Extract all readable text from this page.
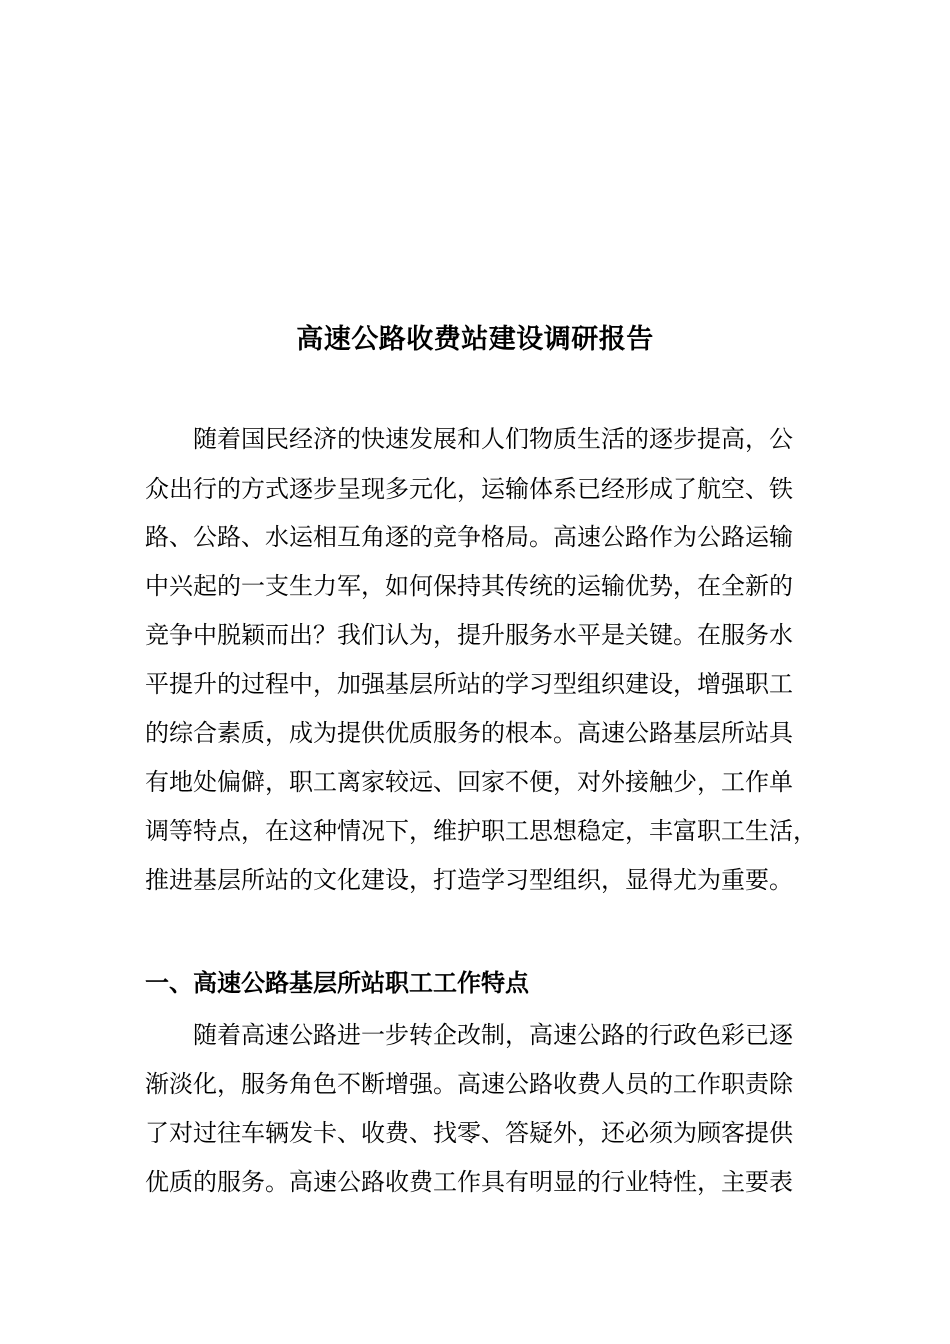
高速公路收费站建设调研报告

随着国民经济的快速发展和人们物质生活的逐步提高，公

众出行的方式逐步呈现多元化，运输体系已经形成了航空、铁

路、公路、水运相互角逐的竞争格局。高速公路作为公路运输

中兴起的一支生力军，如何保持其传统的运输优势，在全新的

竞争中脱颖而出？我们认为，提升服务水平是关键。在服务水

平提升的过程中，加强基层所站的学习型组织建设，增强职工

的综合素质，成为提供优质服务的根本。高速公路基层所站具

有地处偏僻，职工离家较远、回家不便，对外接触少，工作单

调等特点，在这种情况下，维护职工思想稳定，丰富职工生活，

推进基层所站的文化建设，打造学习型组织，显得尤为重要。

一、高速公路基层所站职工工作特点

随着高速公路进一步转企改制，高速公路的行政色彩已逐

渐淡化，服务角色不断增强。高速公路收费人员的工作职责除

了对过往车辆发卡、收费、找零、答疑外，还必须为顾客提供

优质的服务。高速公路收费工作具有明显的行业特性，主要表
